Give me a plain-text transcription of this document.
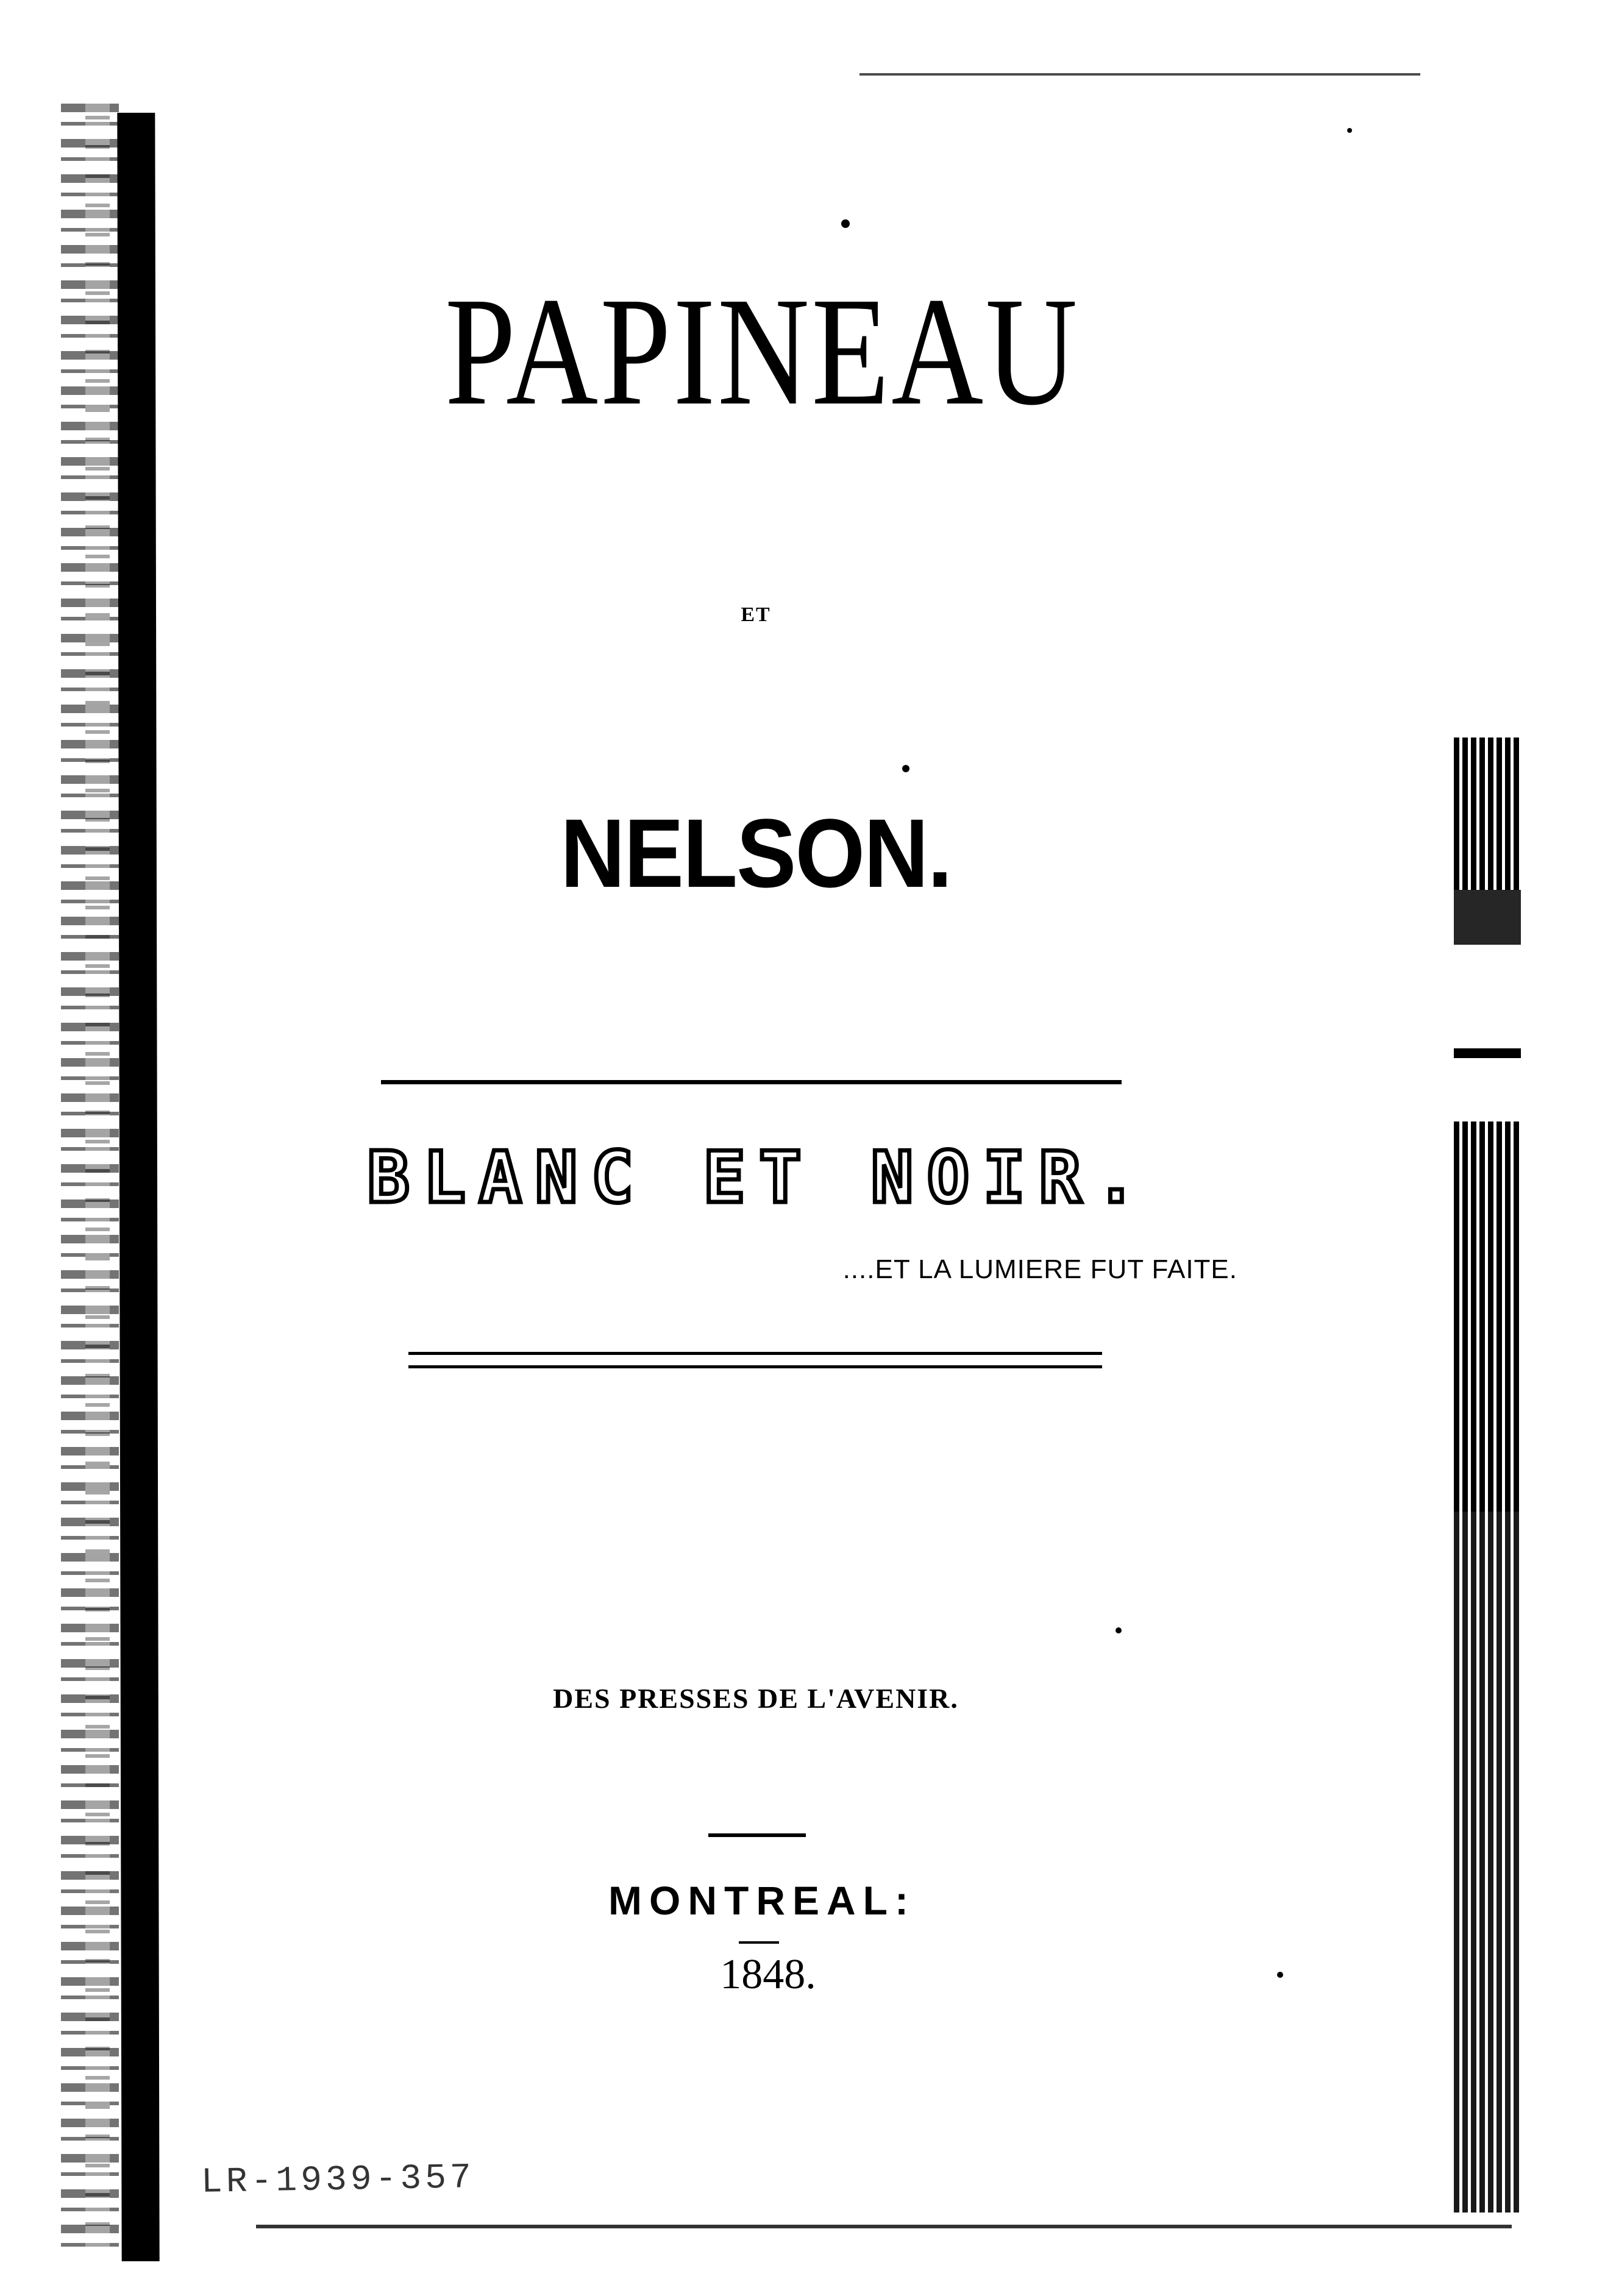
PAPINEAU
ET
NELSON.
BLANC ET NOIR.
....ET LA LUMIERE FUT FAITE.
DES PRESSES DE L'AVENIR.
MONTREAL:
1848.
LR-1939-357
